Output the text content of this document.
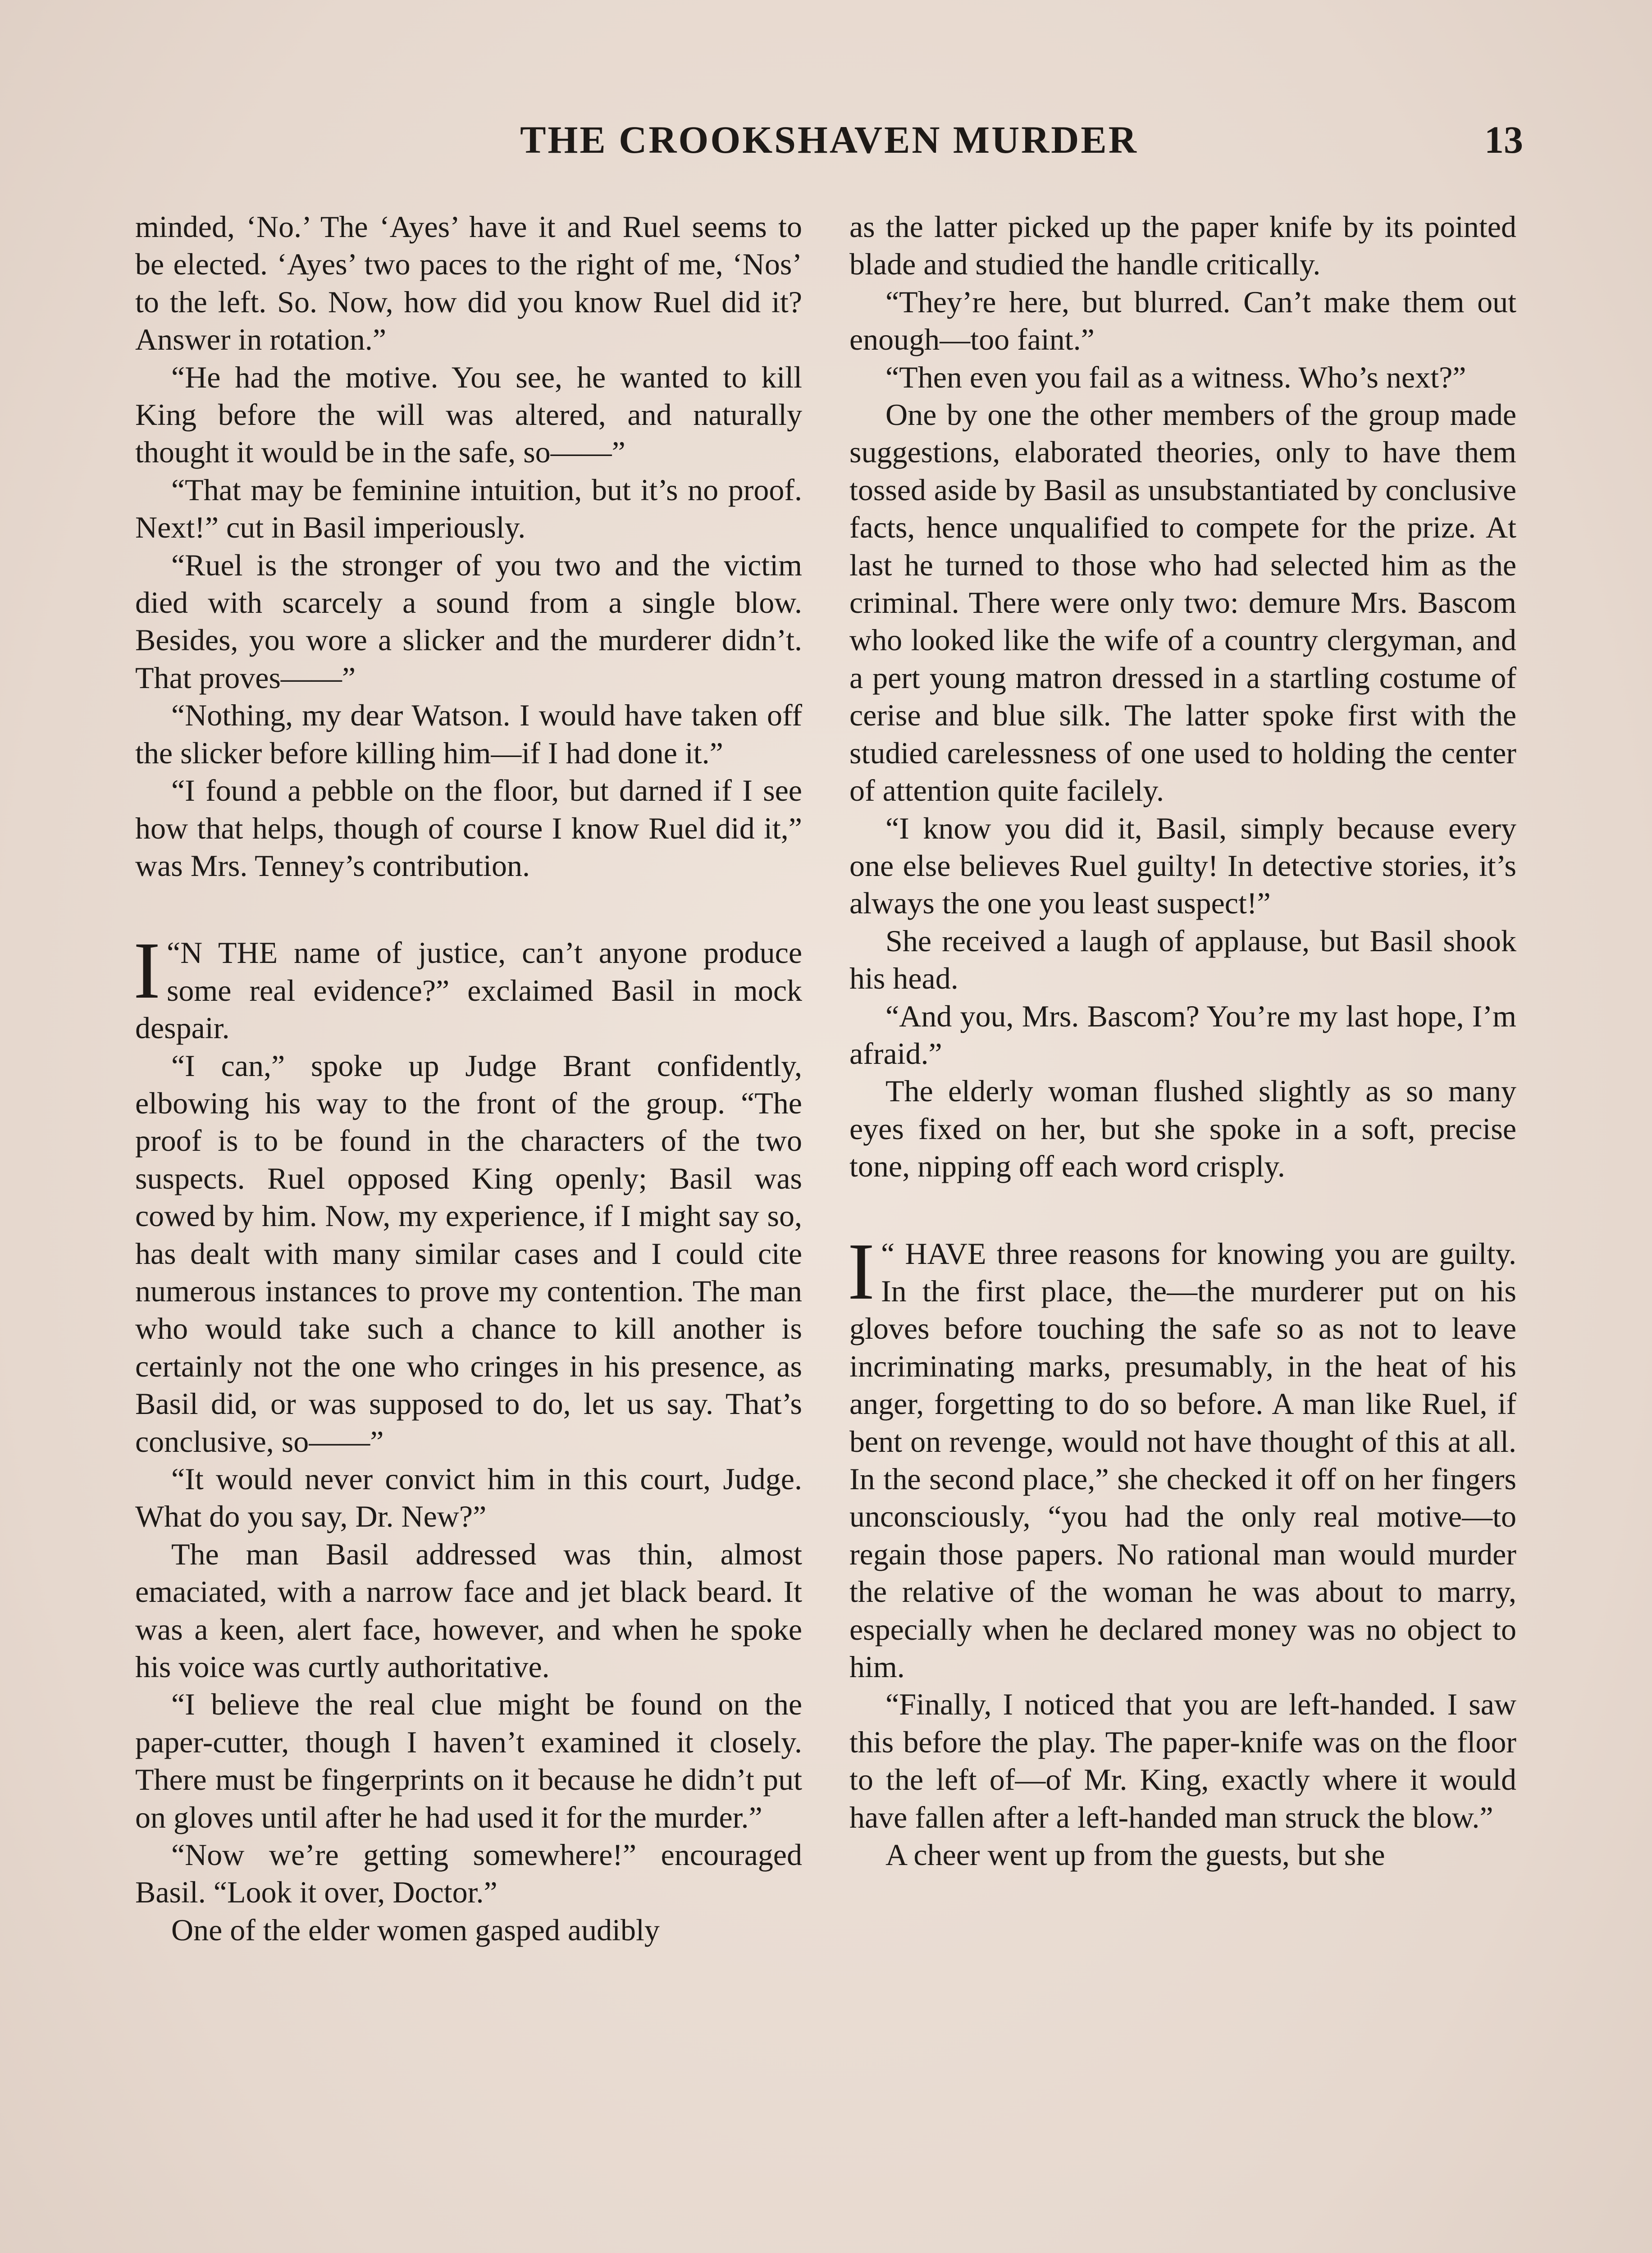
THE CROOKSHAVEN MURDER	13

minded, ‘No.’ The ‘Ayes’ have it and Ruel seems to be elected. ‘Ayes’ two paces to the right of me, ‘Nos’ to the left. So. Now, how did you know Ruel did it? Answer in rotation.”

“He had the motive. You see, he wanted to kill King before the will was altered, and naturally thought it would be in the safe, so——”

“That may be feminine intuition, but it’s no proof. Next!” cut in Basil imperiously.

“Ruel is the stronger of you two and the victim died with scarcely a sound from a single blow. Besides, you wore a slicker and the murderer didn’t. That proves——”

“Nothing, my dear Watson. I would have taken off the slicker before killing him—if I had done it.”

“I found a pebble on the floor, but darned if I see how that helps, though of course I know Ruel did it,” was Mrs. Tenney’s contribution.

“
I N THE name of justice, can’t anyone produce some real evidence?” exclaimed Basil in mock despair.

“I can,” spoke up Judge Brant confidently, elbowing his way to the front of the group. “The proof is to be found in the characters of the two suspects. Ruel opposed King openly; Basil was cowed by him. Now, my experience, if I might say so, has dealt with many similar cases and I could cite numerous instances to prove my contention. The man who would take such a chance to kill another is certainly not the one who cringes in his presence, as Basil did, or was supposed to do, let us say. That’s conclusive, so——”

“It would never convict him in this court, Judge. What do you say, Dr. New?”

The man Basil addressed was thin, almost emaciated, with a narrow face and jet black beard. It was a keen, alert face, however, and when he spoke his voice was curtly authoritative.

“I believe the real clue might be found on the paper-cutter, though I haven’t examined it closely. There must be fingerprints on it because he didn’t put on gloves until after he had used it for the murder.”

“Now we’re getting somewhere!” encouraged Basil. “Look it over, Doctor.”

One of the elder women gasped audibly

as the latter picked up the paper knife by its pointed blade and studied the handle critically.

“They’re here, but blurred. Can’t make them out enough—too faint.”

“Then even you fail as a witness. Who’s next?”

One by one the other members of the group made suggestions, elaborated theories, only to have them tossed aside by Basil as unsubstantiated by conclusive facts, hence unqualified to compete for the prize. At last he turned to those who had selected him as the criminal. There were only two: demure Mrs. Bascom who looked like the wife of a country clergyman, and a pert young matron dressed in a startling costume of cerise and blue silk. The latter spoke first with the studied carelessness of one used to holding the center of attention quite facilely.

“I know you did it, Basil, simply because every one else believes Ruel guilty! In detective stories, it’s always the one you least suspect!”

She received a laugh of applause, but Basil shook his head.

“And you, Mrs. Bascom? You’re my last hope, I’m afraid.”

The elderly woman flushed slightly as so many eyes fixed on her, but she spoke in a soft, precise tone, nipping off each word crisply.

“
I HAVE three reasons for knowing you are guilty. In the first place, the—the murderer put on his gloves before touching the safe so as not to leave incriminating marks, presumably, in the heat of his anger, forgetting to do so before. A man like Ruel, if bent on revenge, would not have thought of this at all. In the second place,” she checked it off on her fingers unconsciously, “you had the only real motive—to regain those papers. No rational man would murder the relative of the woman he was about to marry, especially when he declared money was no object to him.

“Finally, I noticed that you are left-handed. I saw this before the play. The paper-knife was on the floor to the left of—of Mr. King, exactly where it would have fallen after a left-handed man struck the blow.”

A cheer went up from the guests, but she
